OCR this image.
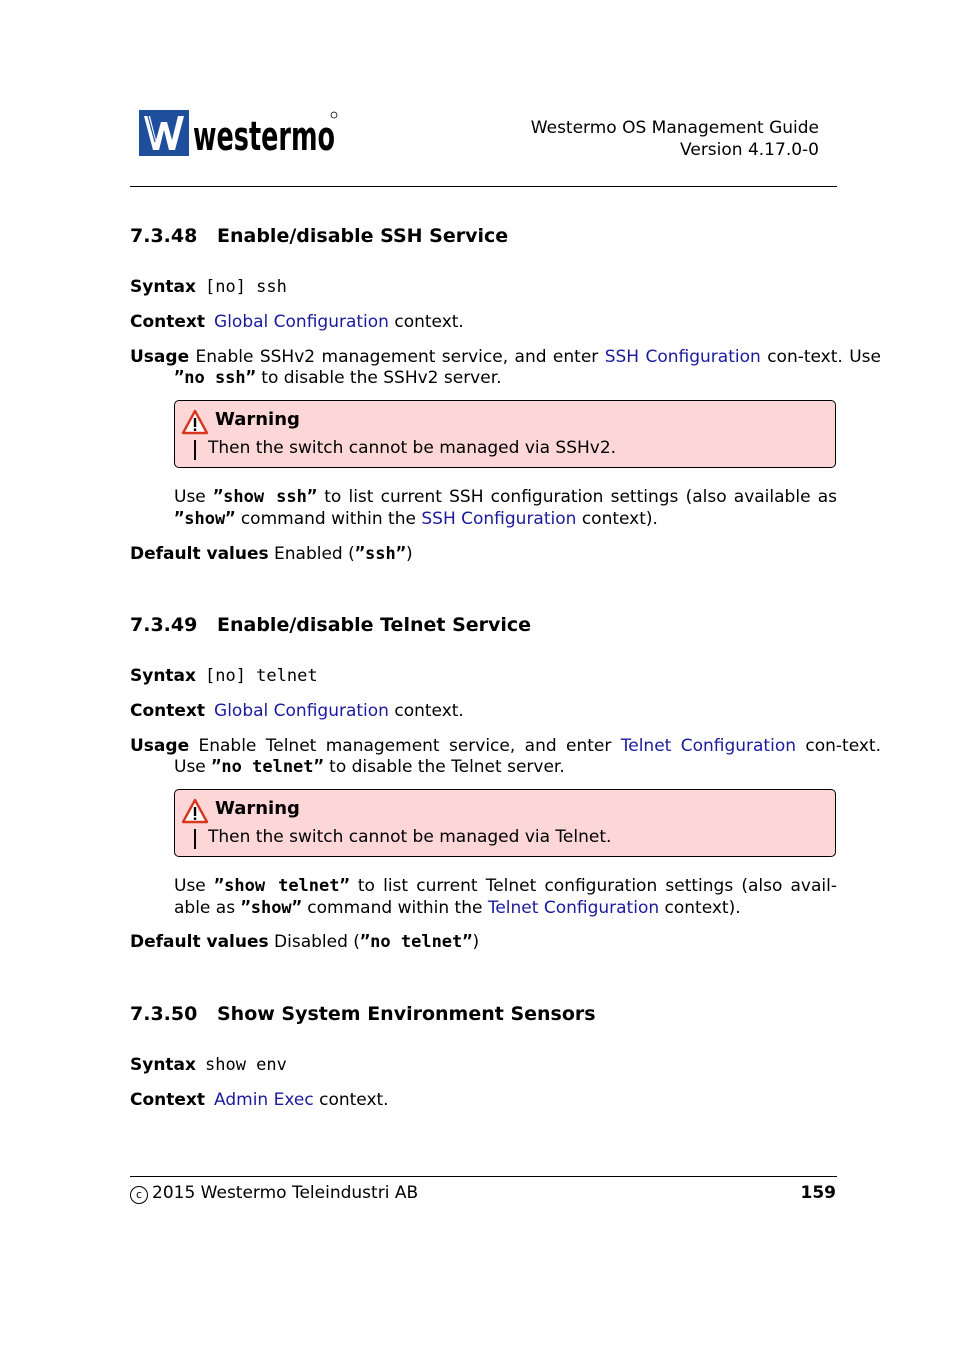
westermo	Westermo OS Management Guide
Version 4.17.0-0
7.3.48 Enable/disable SSH Service
Syntax [no] ssh
Context Global Configuration context.
Usage Enable SSHv2 management service, and enter SSH Configuration con-text. Use ”no ssh” to disable the SSHv2 server.
Warning
Then the switch cannot be managed via SSHv2.
Use ”show ssh” to list current SSH configuration settings (also available as ”show” command within the SSH Configuration context).
Default values Enabled (”ssh”)
7.3.49 Enable/disable Telnet Service
Syntax [no] telnet
Context Global Configuration context.
Usage Enable Telnet management service, and enter Telnet Configuration con-text. Use ”no telnet” to disable the Telnet server.
Warning
Then the switch cannot be managed via Telnet.
Use ”show telnet” to list current Telnet configuration settings (also avail-able as ”show” command within the Telnet Configuration context).
Default values Disabled (”no telnet”)
7.3.50 Show System Environment Sensors
Syntax show env
Context Admin Exec context.
c 2015 Westermo Teleindustri AB	159
